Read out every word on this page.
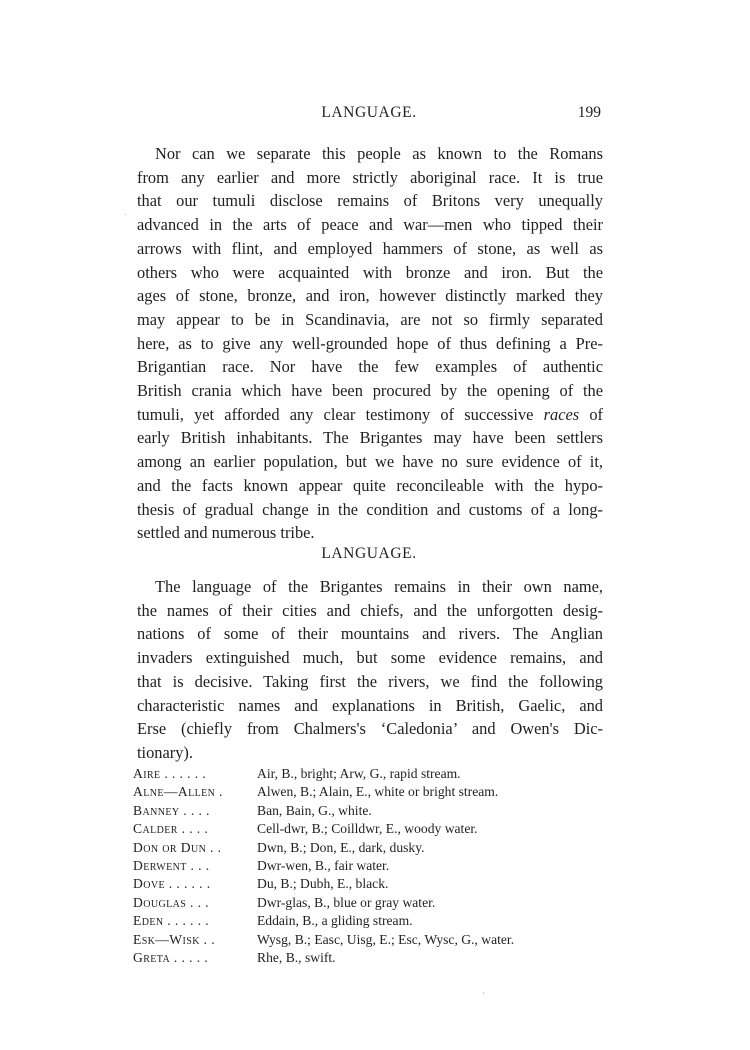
LANGUAGE.	199
Nor can we separate this people as known to the Romans
from any earlier and more strictly aboriginal race. It is true
that our tumuli disclose remains of Britons very unequally
advanced in the arts of peace and war—men who tipped their
arrows with flint, and employed hammers of stone, as well as
others who were acquainted with bronze and iron. But the
ages of stone, bronze, and iron, however distinctly marked they
may appear to be in Scandinavia, are not so firmly separated
here, as to give any well-grounded hope of thus defining a Pre-
Brigantian race. Nor have the few examples of authentic
British crania which have been procured by the opening of the
tumuli, yet afforded any clear testimony of successive races of
early British inhabitants. The Brigantes may have been settlers
among an earlier population, but we have no sure evidence of it,
and the facts known appear quite reconcileable with the hypo-
thesis of gradual change in the condition and customs of a long-
settled and numerous tribe.
LANGUAGE.
The language of the Brigantes remains in their own name,
the names of their cities and chiefs, and the unforgotten desig-
nations of some of their mountains and rivers. The Anglian
invaders extinguished much, but some evidence remains, and
that is decisive. Taking first the rivers, we find the following
characteristic names and explanations in British, Gaelic, and
Erse (chiefly from Chalmers's ‘Caledonia’ and Owen's Dic-
tionary).
Aire . . . . . .	Air, B., bright; Arw, G., rapid stream.
Alne—Allen .	Alwen, B.; Alain, E., white or bright stream.
Banney . . . .	Ban, Bain, G., white.
Calder . . . .	Cell-dwr, B.; Coilldwr, E., woody water.
Don or Dun . .	Dwn, B.; Don, E., dark, dusky.
Derwent . . .	Dwr-wen, B., fair water.
Dove . . . . . .	Du, B.; Dubh, E., black.
Douglas . . .	Dwr-glas, B., blue or gray water.
Eden . . . . . .	Eddain, B., a gliding stream.
Esk—Wisk . .	Wysg, B.; Easc, Uisg, E.; Esc, Wysc, G., water.
Greta . . . . .	Rhe, B., swift.
.
,
